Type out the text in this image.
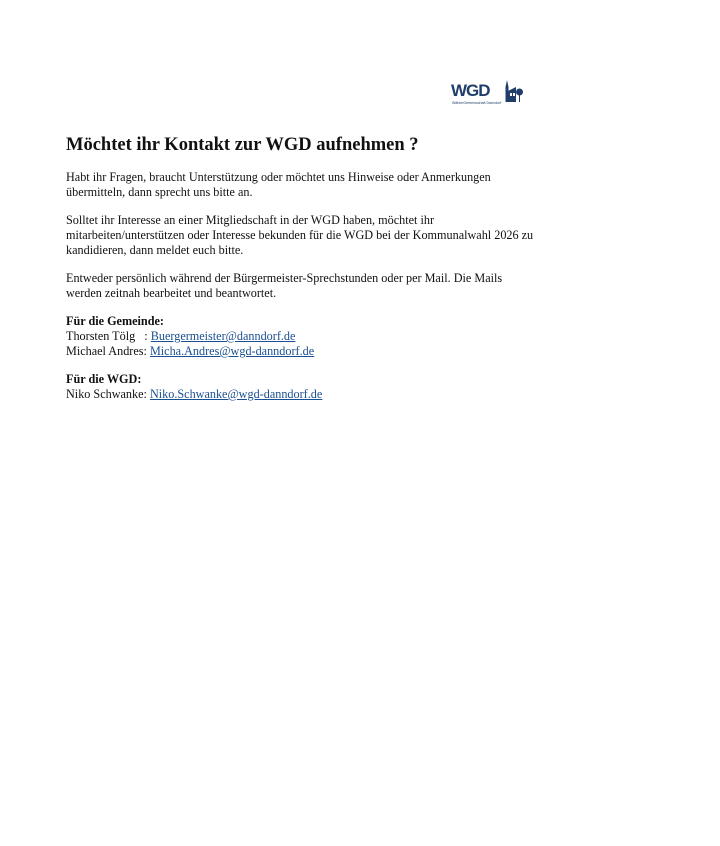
WGD
WählerGemeinschaft Danndorf
Möchtet ihr Kontakt zur WGD aufnehmen ?

Habt ihr Fragen, braucht Unterstützung oder möchtet uns Hinweise oder Anmerkungen übermitteln, dann sprecht uns bitte an.

Solltet ihr Interesse an einer Mitgliedschaft in der WGD haben, möchtet ihr mitarbeiten/unterstützen oder Interesse bekunden für die WGD bei der Kommunalwahl 2026 zu kandidieren, dann meldet euch bitte.

Entweder persönlich während der Bürgermeister-Sprechstunden oder per Mail. Die Mails werden zeitnah bearbeitet und beantwortet.

Für die Gemeinde:
Thorsten Tölg   : Buergermeister@danndorf.de
Michael Andres: Micha.Andres@wgd-danndorf.de
Für die WGD:
Niko Schwanke: Niko.Schwanke@wgd-danndorf.de
